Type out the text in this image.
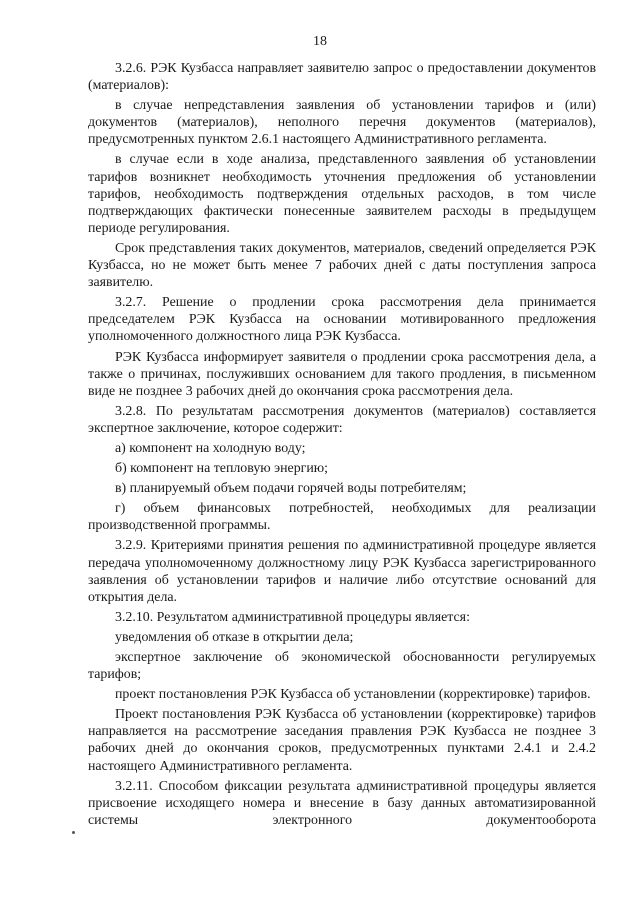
18

3.2.6. РЭК Кузбасса направляет заявителю запрос о предоставлении документов (материалов):

в случае непредставления заявления об установлении тарифов и (или) документов (материалов), неполного перечня документов (материалов), предусмотренных пунктом 2.6.1 настоящего Административного регламента.

в случае если в ходе анализа, представленного заявления об установлении тарифов возникнет необходимость уточнения предложения об установлении тарифов, необходимость подтверждения отдельных расходов, в том числе подтверждающих фактически понесенные заявителем расходы в предыдущем периоде регулирования.

Срок представления таких документов, материалов, сведений определяется РЭК Кузбасса, но не может быть менее 7 рабочих дней с даты поступления запроса заявителю.

3.2.7. Решение о продлении срока рассмотрения дела принимается председателем РЭК Кузбасса на основании мотивированного предложения уполномоченного должностного лица РЭК Кузбасса.

РЭК Кузбасса информирует заявителя о продлении срока рассмотрения дела, а также о причинах, послуживших основанием для такого продления, в письменном виде не позднее 3 рабочих дней до окончания срока рассмотрения дела.

3.2.8. По результатам рассмотрения документов (материалов) составляется экспертное заключение, которое содержит:

а) компонент на холодную воду;

б) компонент на тепловую энергию;

в) планируемый объем подачи горячей воды потребителям;

г) объем финансовых потребностей, необходимых для реализации производственной программы.

3.2.9. Критериями принятия решения по административной процедуре является передача уполномоченному должностному лицу РЭК Кузбасса зарегистрированного заявления об установлении тарифов и наличие либо отсутствие оснований для открытия дела.

3.2.10. Результатом административной процедуры является:

уведомления об отказе в открытии дела;

экспертное заключение об экономической обоснованности регулируемых тарифов;

проект постановления РЭК Кузбасса об установлении (корректировке) тарифов.

Проект постановления РЭК Кузбасса об установлении (корректировке) тарифов направляется на рассмотрение заседания правления РЭК Кузбасса не позднее 3 рабочих дней до окончания сроков, предусмотренных пунктами 2.4.1 и 2.4.2 настоящего Административного регламента.

3.2.11. Способом фиксации результата административной процедуры является присвоение исходящего номера и внесение в базу данных автоматизированной системы электронного документооборота
